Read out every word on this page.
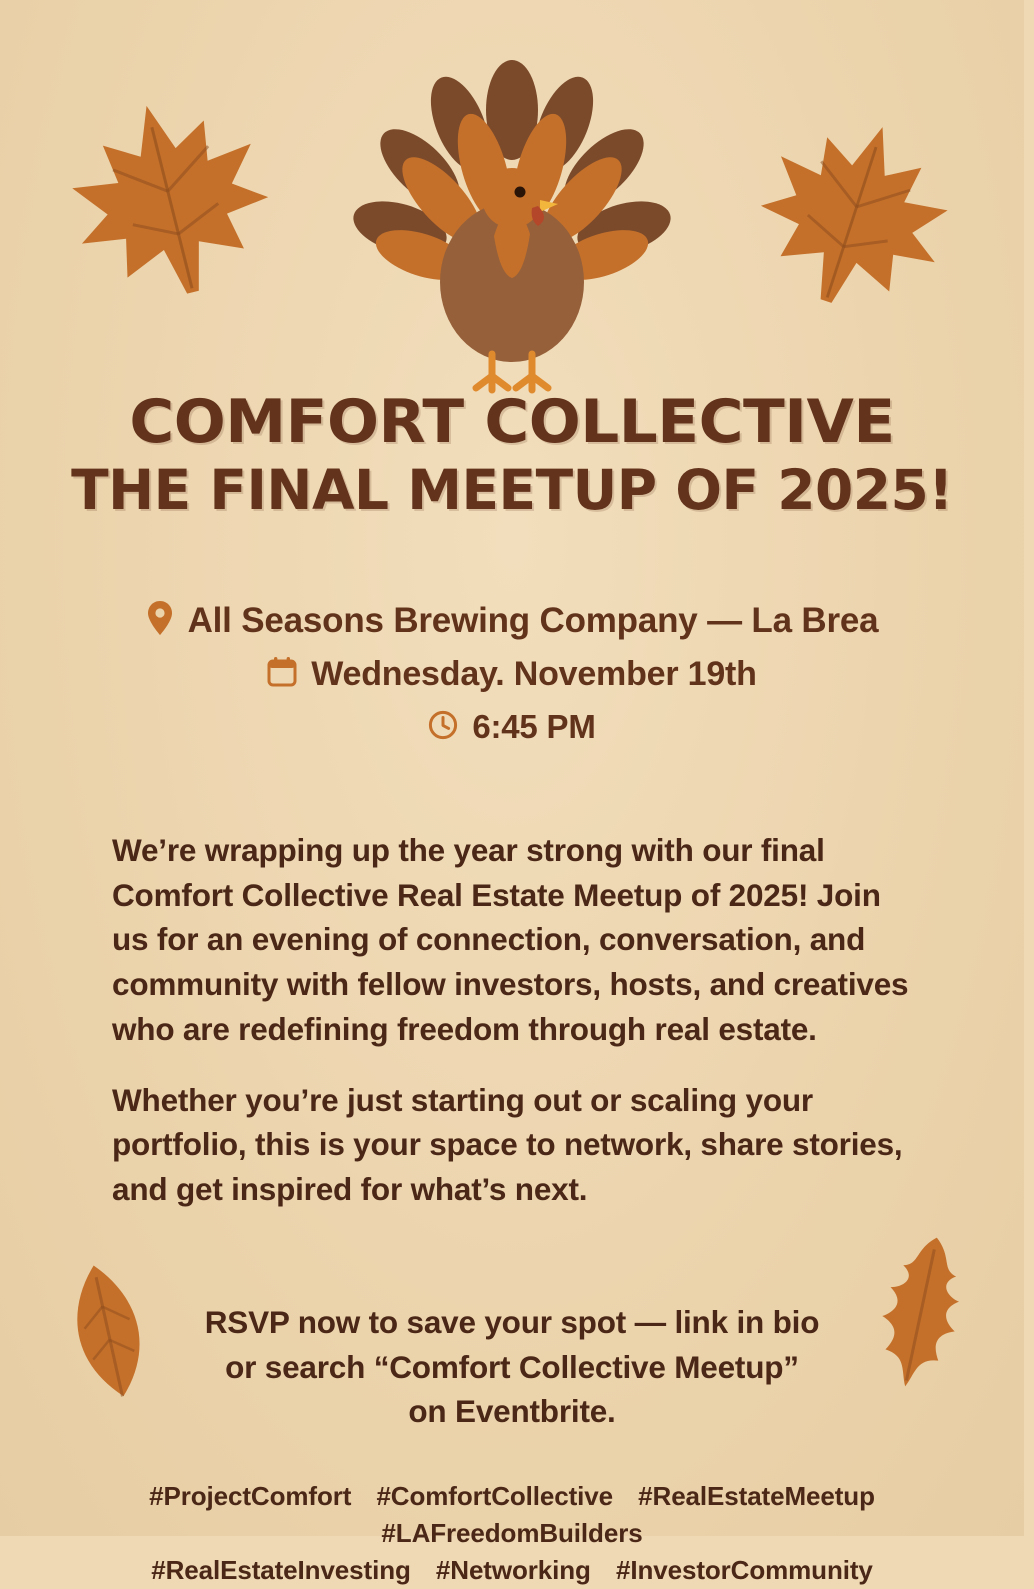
COMFORT COLLECTIVE
THE FINAL MEETUP OF 2025!
All Seasons Brewing Company — La Brea
Wednesday. November 19th
6:45 PM

We’re wrapping up the year strong with our final Comfort Collective Real Estate Meetup of 2025! Join us for an evening of connection, conversation, and community with fellow investors, hosts, and creatives who are redefining freedom through real estate.

Whether you’re just starting out or scaling your portfolio, this is your space to network, share stories, and get inspired for what’s next.

RSVP now to save your spot — link in bio
or search “Comfort Collective Meetup”
on Eventbrite.
#ProjectComfort #ComfortCollective #RealEstateMeetup #LAFreedomBuilders
#RealEstateInvesting #Networking #InvestorCommunity
